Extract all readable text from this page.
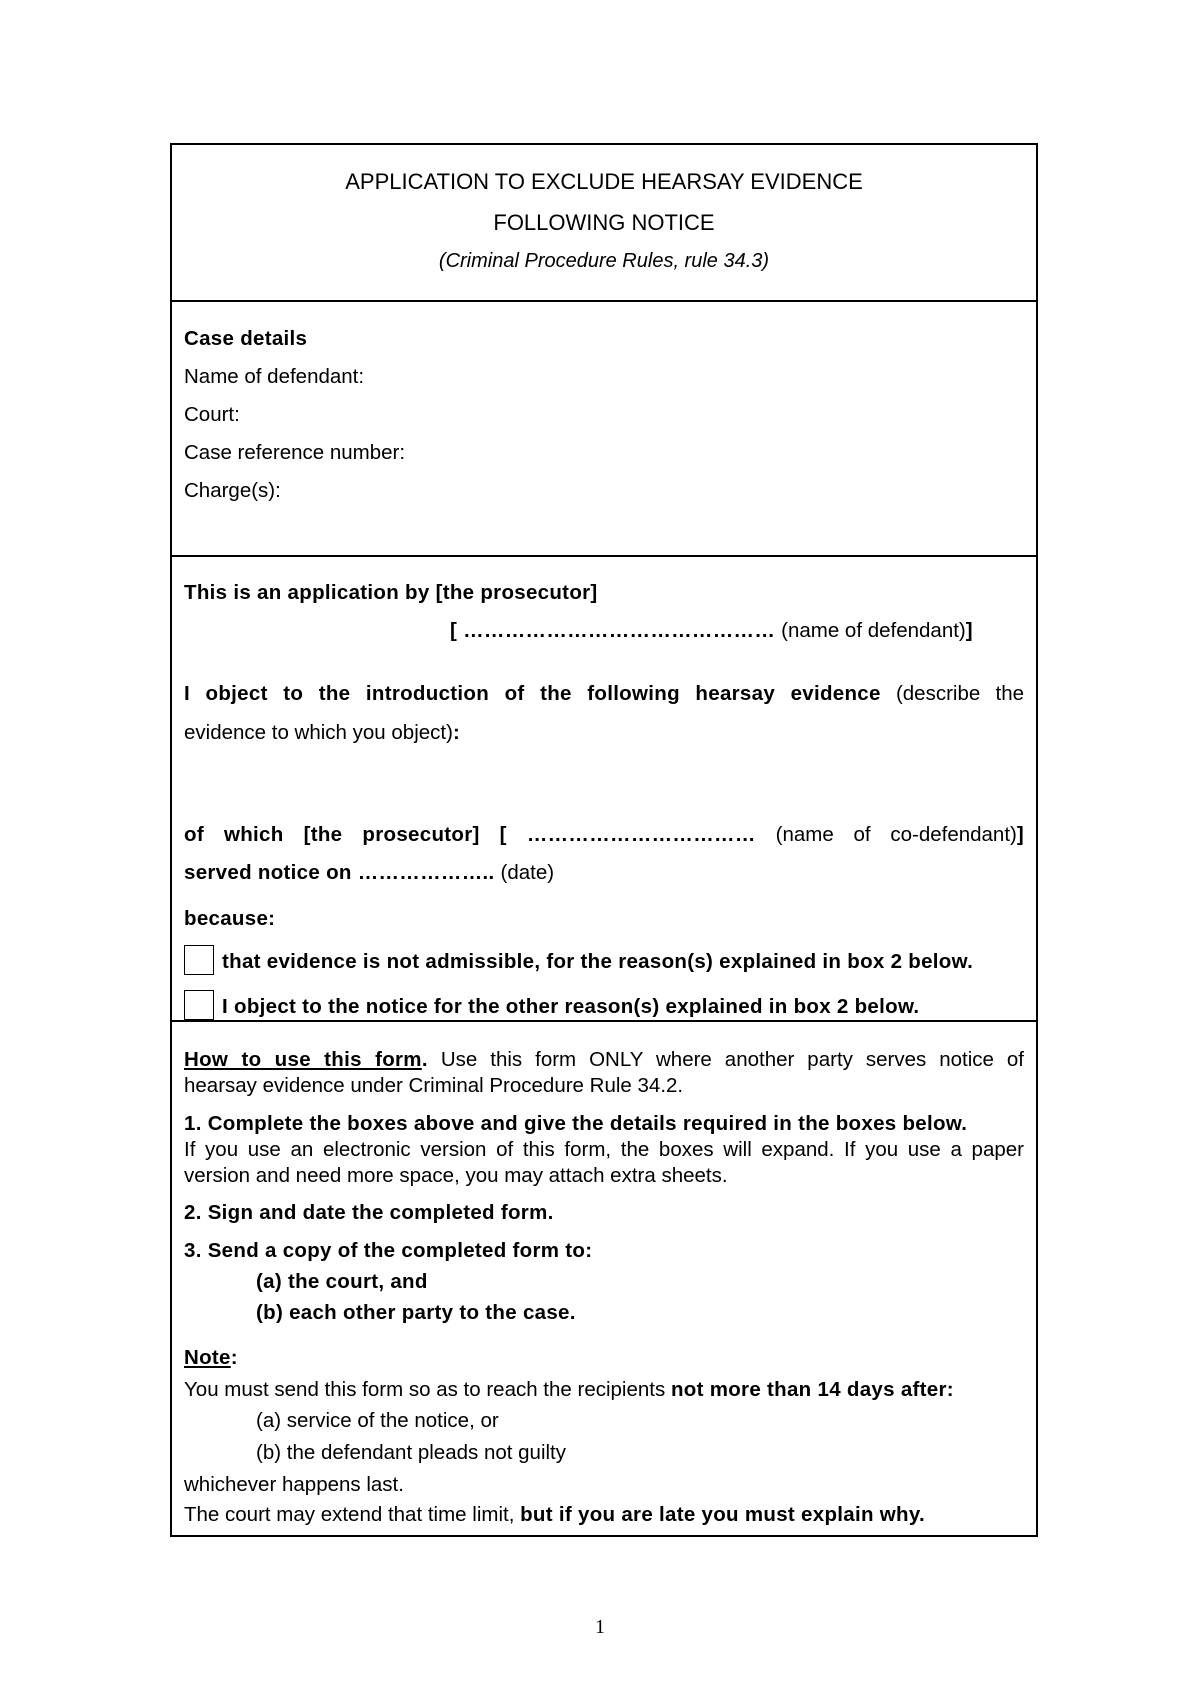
APPLICATION TO EXCLUDE HEARSAY EVIDENCE
FOLLOWING NOTICE
(Criminal Procedure Rules, rule 34.3)
Case details
Name of defendant:
Court:
Case reference number:
Charge(s):
This is an application by [the prosecutor]
[ ……………………………………… (name of defendant)]
I object to the introduction of the following hearsay evidence (describe the
evidence to which you object):
of which [the prosecutor] [ …………………………… (name of co-defendant)]
served notice on ……………….. (date)
because:
that evidence is not admissible, for the reason(s) explained in box 2 below.
I object to the notice for the other reason(s) explained in box 2 below.
How to use this form. Use this form ONLY where another party serves notice of
hearsay evidence under Criminal Procedure Rule 34.2.
1. Complete the boxes above and give the details required in the boxes below.
If you use an electronic version of this form, the boxes will expand. If you use a paper
version and need more space, you may attach extra sheets.
2. Sign and date the completed form.
3. Send a copy of the completed form to:
(a) the court, and
(b) each other party to the case.
Note:
You must send this form so as to reach the recipients not more than 14 days after:
(a) service of the notice, or
(b) the defendant pleads not guilty
whichever happens last.
The court may extend that time limit, but if you are late you must explain why.
1
